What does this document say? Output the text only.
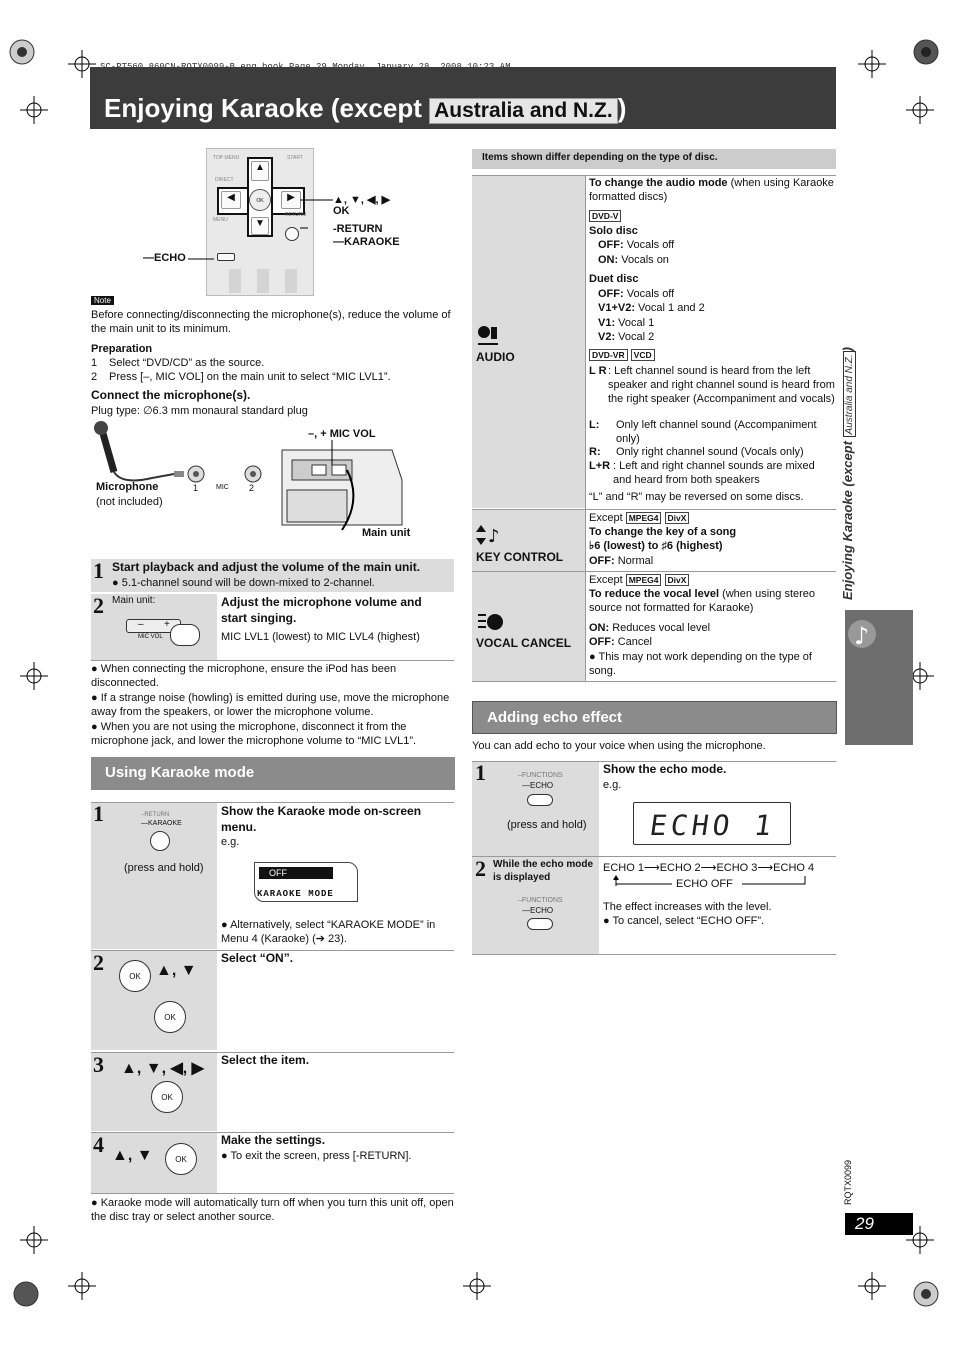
Enjoying Karaoke (except Australia and N.Z. )
TOP MENU	START
DIRECT
▲
▼
◀	▶
OK
MENU
RETURN
▲, ▼, ◀, ▶
OK
-RETURN
—KARAOKE
—ECHO
Note
Before connecting/disconnecting the microphone(s), reduce the volume of the main unit to its minimum.
Preparation
1 Select “DVD/CD” as the source.
2 Press [–, MIC VOL] on the main unit to select “MIC LVL1”.
Connect the microphone(s).
Plug type: ∅6.3 mm monaural standard plug
–, + MIC VOL
Microphone
(not included)
1	MIC 2
Main unit
1 Start playback and adjust the volume of the main unit.
● 5.1-channel sound will be down-mixed to 2-channel.
2 Main unit:
– +
MIC VOL
Adjust the microphone volume and start singing.
MIC LVL1 (lowest) to MIC LVL4 (highest)
● When connecting the microphone, ensure the iPod has been disconnected.
● If a strange noise (howling) is emitted during use, move the microphone away from the speakers, or lower the microphone volume.
● When you are not using the microphone, disconnect it from the microphone jack, and lower the microphone volume to “MIC LVL1”.
Using Karaoke mode
1	–RETURN
—KARAOKE
(press and hold)
Show the Karaoke mode on-screen menu.
e.g.
OFF
KARAOKE MODE
● Alternatively, select “KARAOKE MODE” in Menu 4 (Karaoke) (➔ 23).
2
OK ▲, ▼
OK
Select “ON”.
3 ▲, ▼, ◀, ▶
OK
Select the item.
4 ▲, ▼	OK
Make the settings.
● To exit the screen, press [-RETURN].
● Karaoke mode will automatically turn off when you turn this unit off, open the disc tray or select another source.
Items shown differ depending on the type of disc.
AUDIO
To change the audio mode (when using Karaoke formatted discs)
DVD-V
Solo disc
OFF: Vocals off
ON: Vocals on
Duet disc
OFF: Vocals off
V1+V2: Vocal 1 and 2
V1: Vocal 1
V2: Vocal 2
DVD-VR VCD
L R : Left channel sound is heard from the left speaker and right channel sound is heard from the right speaker (Accompaniment and vocals)
L: Only left channel sound (Accompaniment only)
R: Only right channel sound (Vocals only)
L+R : Left and right channel sounds are mixed and heard from both speakers
“L” and “R” may be reversed on some discs.
♪
KEY CONTROL
Except MPEG4 DivX
To change the key of a song
♭6 (lowest) to ♯6 (highest)
OFF: Normal
VOCAL CANCEL
Except MPEG4 DivX
To reduce the vocal level (when using stereo source not formatted for Karaoke)
ON: Reduces vocal level
OFF: Cancel
● This may not work depending on the type of song.
Adding echo effect
You can add echo to your voice when using the microphone.
1	–FUNCTIONS
—ECHO
(press and hold)
Show the echo mode.
e.g.
ECHO 1
2 While the echo mode is displayed
–FUNCTIONS
—ECHO
ECHO 1⟶ECHO 2⟶ECHO 3⟶ECHO 4
ECHO OFF
The effect increases with the level.
● To cancel, select “ECHO OFF”.
Enjoying Karaoke (except Australia and N.Z.)
♪
RQTX0099
29
